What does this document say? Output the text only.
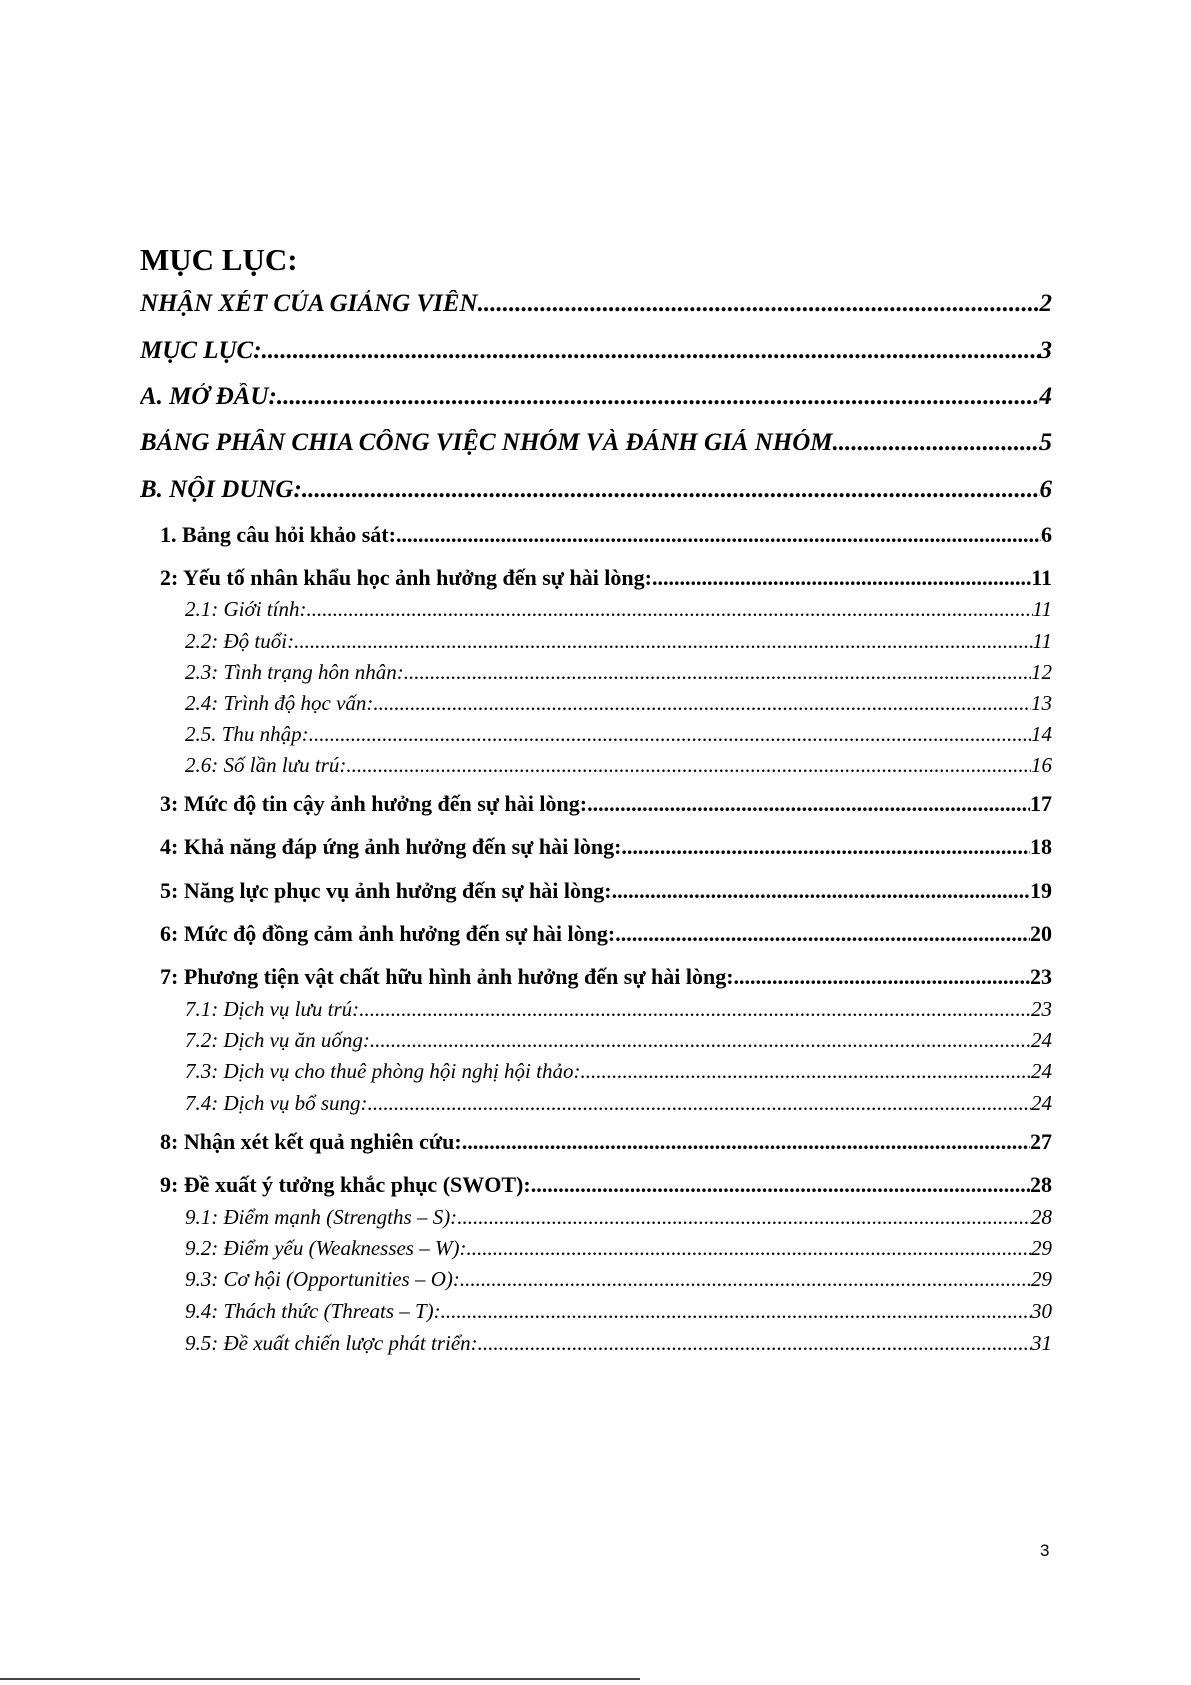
MỤC LỤC:
NHẬN XÉT CỦA GIẢNG VIÊN .....	2
MỤC LỤC: .....	3
A. MỞ ĐẦU: .....	4
BẢNG PHÂN CHIA CÔNG VIỆC NHÓM VÀ ĐÁNH GIÁ NHÓM .....	5
B. NỘI DUNG: .....	6
1. Bảng câu hỏi khảo sát: .....	6
2: Yếu tố nhân khẩu học ảnh hưởng đến sự hài lòng: .....	11
2.1: Giới tính: .....	11
2.2: Độ tuổi: .....	11
2.3: Tình trạng hôn nhân: .....	12
2.4: Trình độ học vấn: .....	13
2.5. Thu nhập: .....	14
2.6: Số lần lưu trú: .....	16
3: Mức độ tin cậy ảnh hưởng đến sự hài lòng: .....	17
4: Khả năng đáp ứng ảnh hưởng đến sự hài lòng: .....	18
5: Năng lực phục vụ ảnh hưởng đến sự hài lòng: .....	19
6: Mức độ đồng cảm ảnh hưởng đến sự hài lòng: .....	20
7: Phương tiện vật chất hữu hình ảnh hưởng đến sự hài lòng: .....	23
7.1: Dịch vụ lưu trú: .....	23
7.2: Dịch vụ ăn uống: .....	24
7.3: Dịch vụ cho thuê phòng hội nghị hội thảo: .....	24
7.4: Dịch vụ bổ sung: .....	24
8: Nhận xét kết quả nghiên cứu: .....	27
9: Đề xuất ý tưởng khắc phục (SWOT): .....	28
9.1: Điểm mạnh (Strengths – S): .....	28
9.2: Điểm yếu (Weaknesses – W): .....	29
9.3: Cơ hội (Opportunities – O): .....	29
9.4: Thách thức (Threats – T): .....	30
9.5: Đề xuất chiến lược phát triển: .....	31
3
